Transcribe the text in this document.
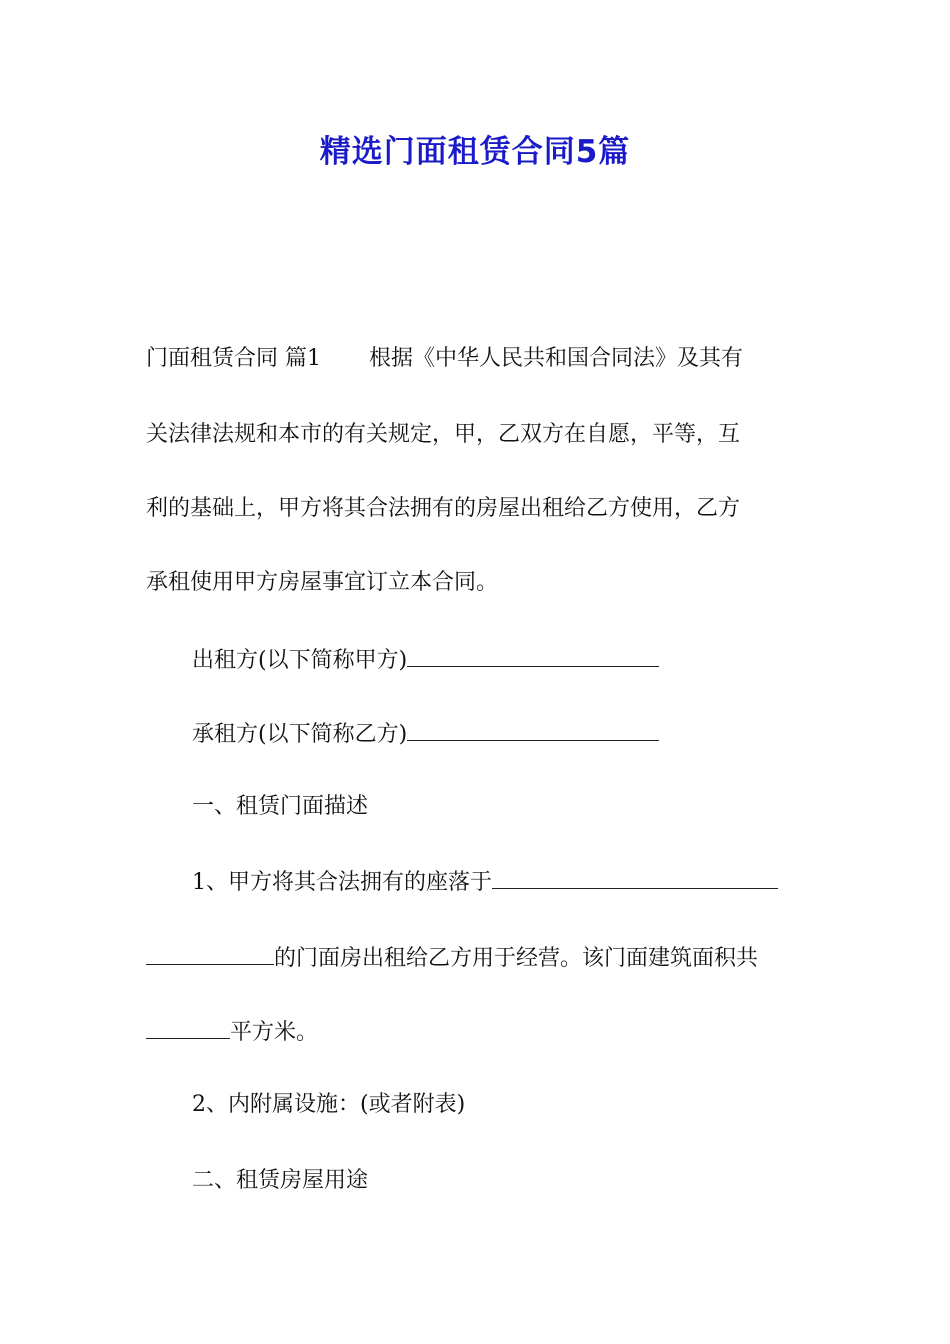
精选门面租赁合同5篇
门面租赁合同 篇1 根据《中华人民共和国合同法》及其有
关法律法规和本市的有关规定，甲，乙双方在自愿，平等，互
利的基础上，甲方将其合法拥有的房屋出租给乙方使用，乙方
承租使用甲方房屋事宜订立本合同。
出租方(以下简称甲方)
承租方(以下简称乙方)
一、租赁门面描述
1、甲方将其合法拥有的座落于
的门面房出租给乙方用于经营。该门面建筑面积共
平方米。
2、内附属设施：(或者附表)
二、租赁房屋用途
